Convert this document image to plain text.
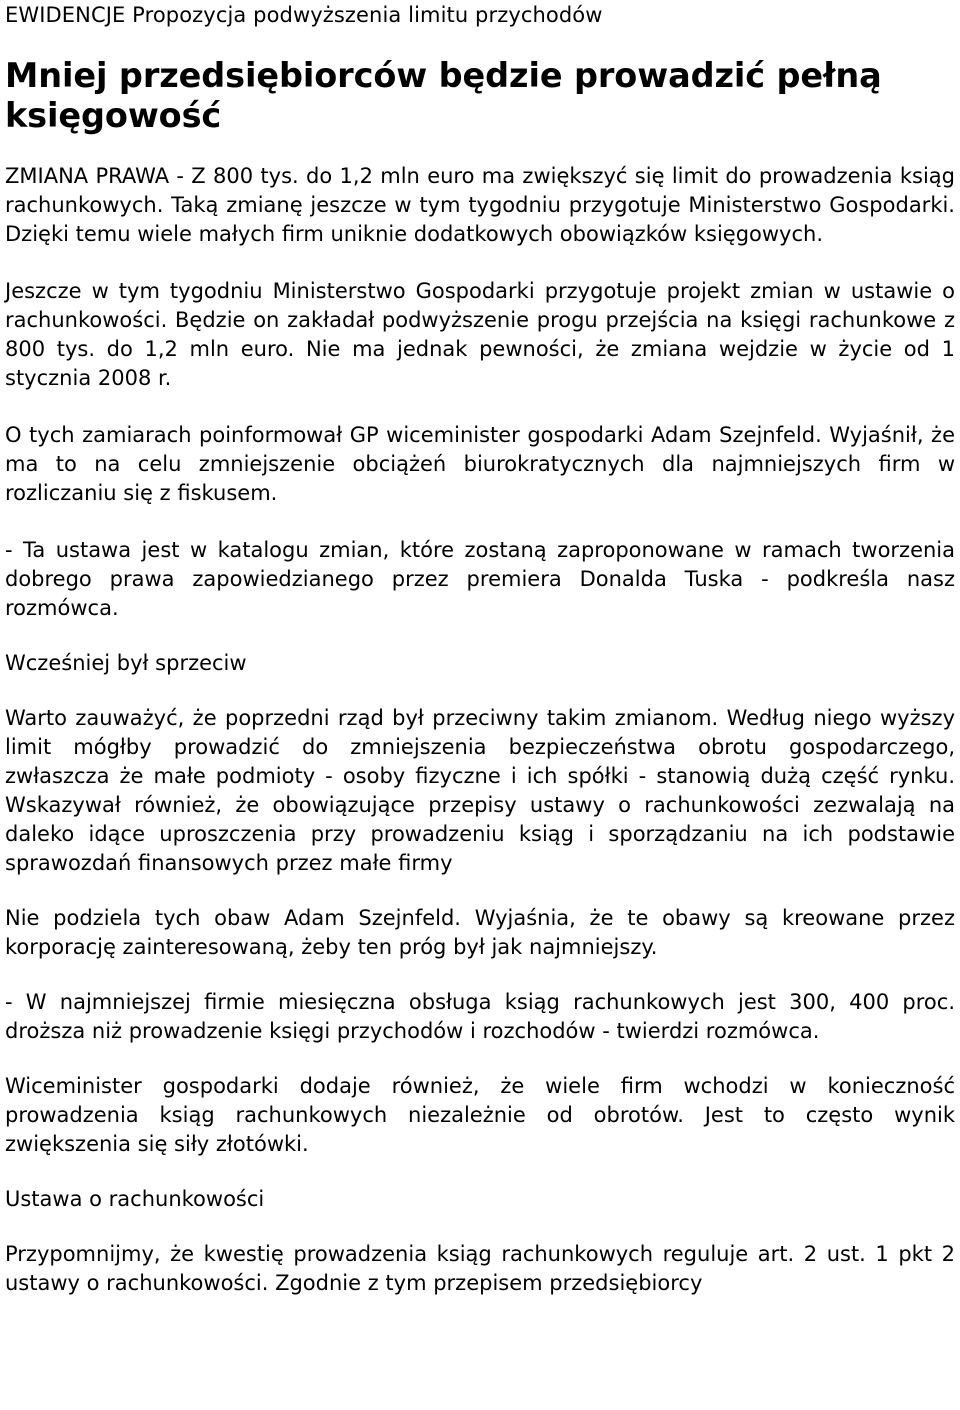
EWIDENCJE Propozycja podwyższenia limitu przychodów

Mniej przedsiębiorców będzie prowadzić pełną księgowość

ZMIANA PRAWA - Z 800 tys. do 1,2 mln euro ma zwiększyć się limit do prowadzenia ksiąg rachunkowych. Taką zmianę jeszcze w tym tygodniu przygotuje Ministerstwo Gospodarki. Dzięki temu wiele małych firm uniknie dodatkowych obowiązków księgowych.

Jeszcze w tym tygodniu Ministerstwo Gospodarki przygotuje projekt zmian w ustawie o rachunkowości. Będzie on zakładał podwyższenie progu przejścia na księgi rachunkowe z 800 tys. do 1,2 mln euro. Nie ma jednak pewności, że zmiana wejdzie w życie od 1 stycznia 2008 r.

O tych zamiarach poinformował GP wiceminister gospodarki Adam Szejnfeld. Wyjaśnił, że ma to na celu zmniejszenie obciążeń biurokratycznych dla najmniejszych firm w rozliczaniu się z fiskusem.

- Ta ustawa jest w katalogu zmian, które zostaną zaproponowane w ramach tworzenia dobrego prawa zapowiedzianego przez premiera Donalda Tuska - podkreśla nasz rozmówca.

Wcześniej był sprzeciw

Warto zauważyć, że poprzedni rząd był przeciwny takim zmianom. Według niego wyższy limit mógłby prowadzić do zmniejszenia bezpieczeństwa obrotu gospodarczego, zwłaszcza że małe podmioty - osoby fizyczne i ich spółki - stanowią dużą część rynku. Wskazywał również, że obowiązujące przepisy ustawy o rachunkowości zezwalają na daleko idące uproszczenia przy prowadzeniu ksiąg i sporządzaniu na ich podstawie sprawozdań finansowych przez małe firmy

Nie podziela tych obaw Adam Szejnfeld. Wyjaśnia, że te obawy są kreowane przez korporację zainteresowaną, żeby ten próg był jak najmniejszy.

- W najmniejszej firmie miesięczna obsługa ksiąg rachunkowych jest 300, 400 proc. droższa niż prowadzenie księgi przychodów i rozchodów - twierdzi rozmówca.

Wiceminister gospodarki dodaje również, że wiele firm wchodzi w konieczność prowadzenia ksiąg rachunkowych niezależnie od obrotów. Jest to często wynik zwiększenia się siły złotówki.

Ustawa o rachunkowości

Przypomnijmy, że kwestię prowadzenia ksiąg rachunkowych reguluje art. 2 ust. 1 pkt 2 ustawy o rachunkowości. Zgodnie z tym przepisem przedsiębiorcy
